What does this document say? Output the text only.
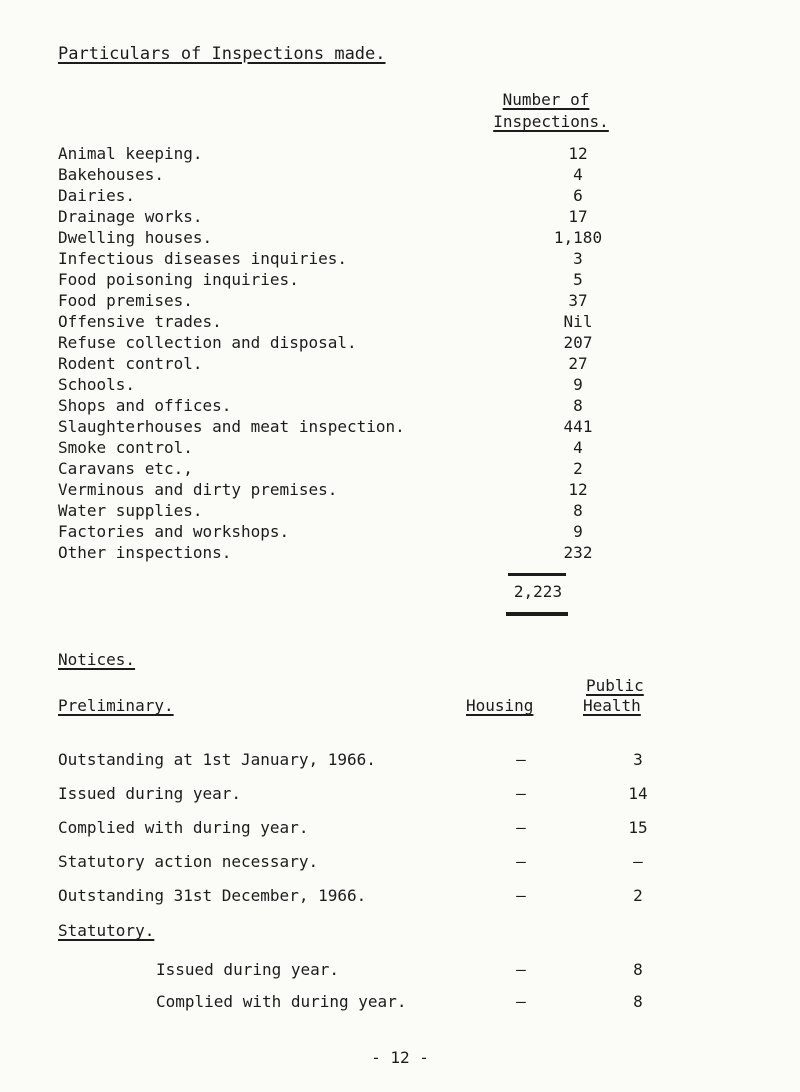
Particulars of Inspections made.
Number of
Inspections.
Animal keeping.	12
Bakehouses.	4
Dairies.	6
Drainage works.	17
Dwelling houses.	1,180
Infectious diseases inquiries.	3
Food poisoning inquiries.	5
Food premises.	37
Offensive trades.	Nil
Refuse collection and disposal.	207
Rodent control.	27
Schools.	9
Shops and offices.	8
Slaughterhouses and meat inspection.	441
Smoke control.	4
Caravans etc.,	2
Verminous and dirty premises.	12
Water supplies.	8
Factories and workshops.	9
Other inspections.	232
2,223
Notices.
Public
Health
Preliminary.	Housing
Outstanding at 1st January, 1966.	–	3
Issued during year.	–	14
Complied with during year.	–	15
Statutory action necessary.	–	–
Outstanding 31st December, 1966.	–	2
Statutory.
Issued during year.	–	8
Complied with during year.	–	8
- 12 -
